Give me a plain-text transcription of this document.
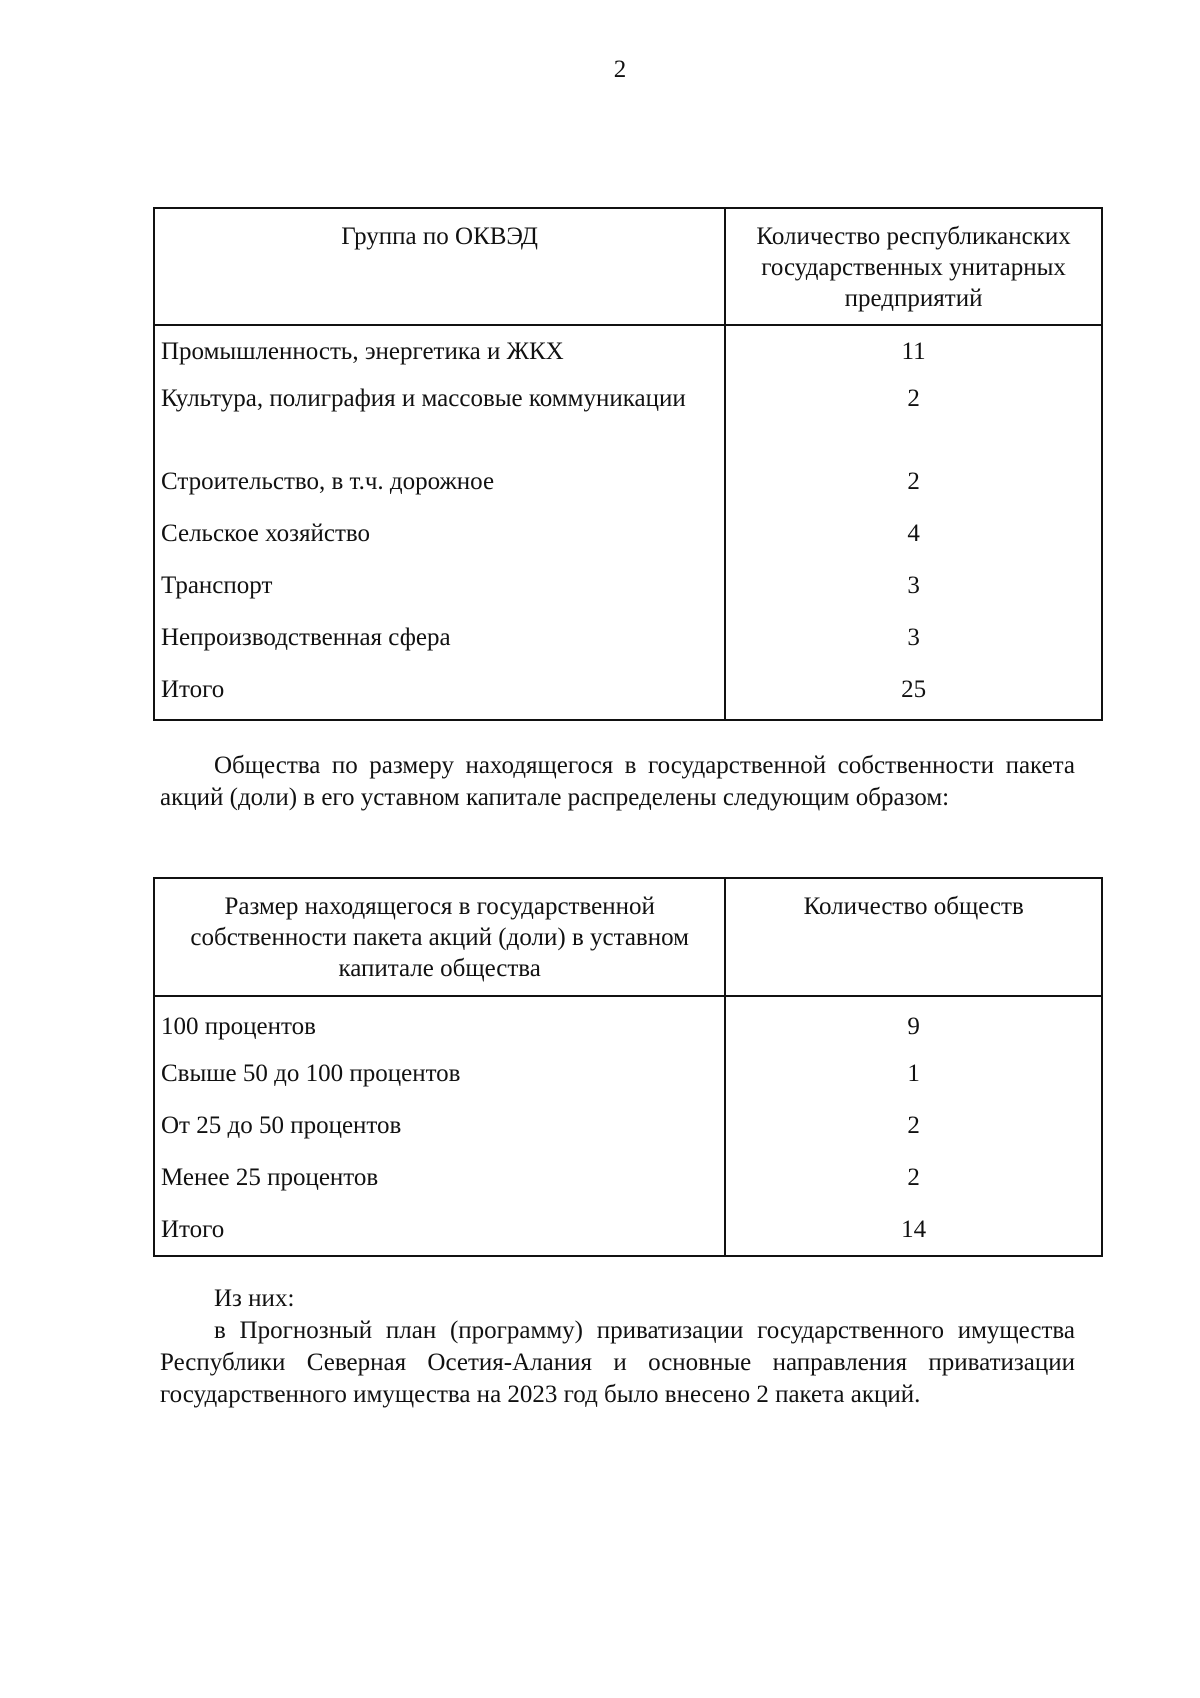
2
Группа по ОКВЭД	Количество республиканских государственных унитарных предприятий
Промышленность, энергетика и ЖКХ	11
Культура, полиграфия и массовые коммуникации	2
Строительство, в т.ч. дорожное	2
Сельское хозяйство	4
Транспорт	3
Непроизводственная сфера	3
Итого	25

Общества по размеру находящегося в государственной собственности пакета акций (доли) в его уставном капитале распределены следующим образом:

Размер находящегося в государственной собственности пакета акций (доли) в уставном капитале общества	Количество обществ
100 процентов	9
Свыше 50 до 100 процентов	1
От 25 до 50 процентов	2
Менее 25 процентов	2
Итого	14

Из них:

в Прогнозный план (программу) приватизации государственного имущества Республики Северная Осетия-Алания и основные направления приватизации государственного имущества на 2023 год было внесено 2 пакета акций.
